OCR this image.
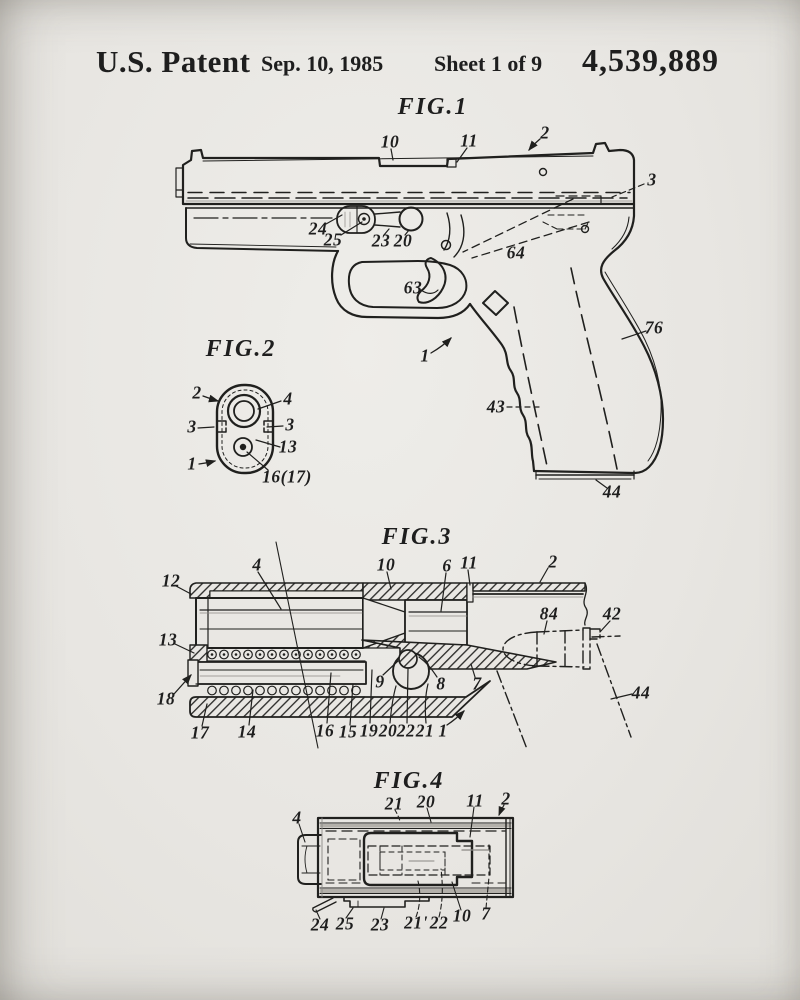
U.S. Patent Sep. 10, 1985 Sheet 1 of 9 4,539,889
FIG.1
FIG.2
FIG.3
FIG.4
10	11	2
3
24
25 23 20
64
63
1
43
76
44
2	4
3	3
13
1
16(17)
12
4	10	6 11	2
84	42
13
18
9	8 7	44
17 14	16 15 19 20 22 21 1
21 20 11 2
4
24 25 23 21' 22 10 7
